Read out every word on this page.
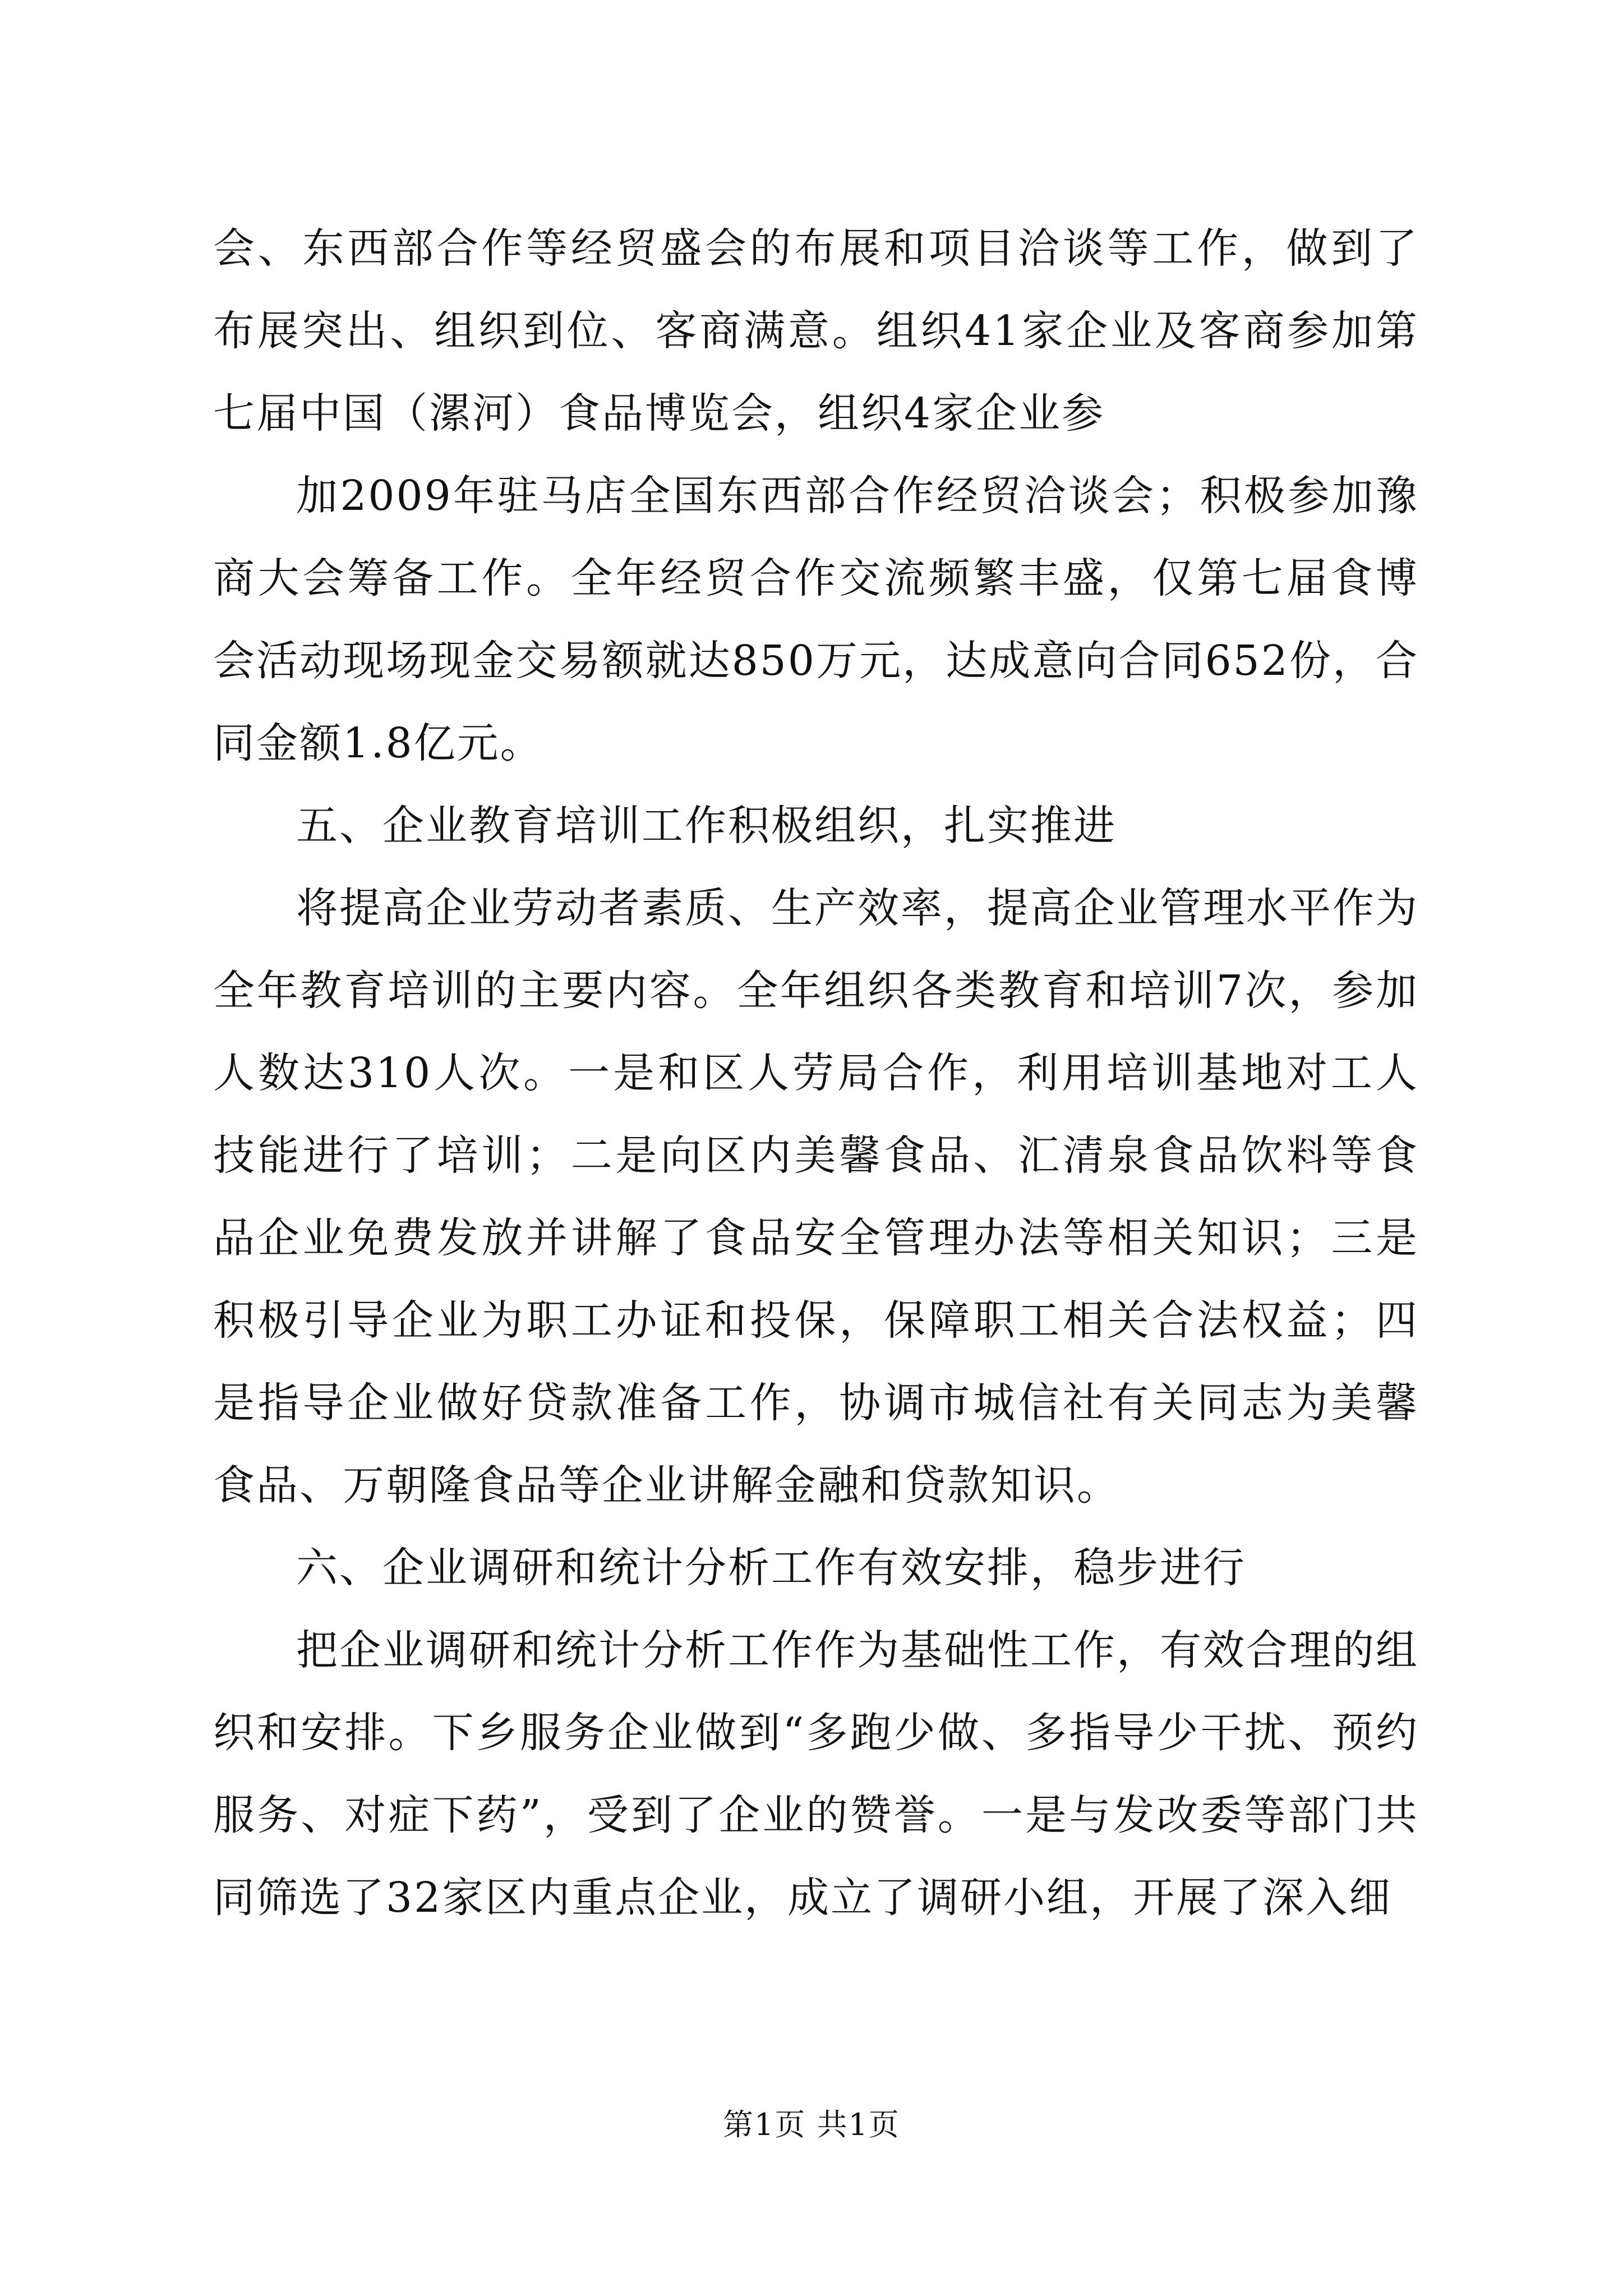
会、东西部合作等经贸盛会的布展和项目洽谈等工作，做到了布展突出、组织到位、客商满意。组织41家企业及客商参加第七届中国（漯河）食品博览会，组织4家企业参

加2009年驻马店全国东西部合作经贸洽谈会；积极参加豫商大会筹备工作。全年经贸合作交流频繁丰盛，仅第七届食博会活动现场现金交易额就达850万元，达成意向合同652份，合同金额1.8亿元。

五、企业教育培训工作积极组织，扎实推进

将提高企业劳动者素质、生产效率，提高企业管理水平作为全年教育培训的主要内容。全年组织各类教育和培训7次，参加人数达310人次。一是和区人劳局合作，利用培训基地对工人技能进行了培训；二是向区内美馨食品、汇清泉食品饮料等食品企业免费发放并讲解了食品安全管理办法等相关知识；三是积极引导企业为职工办证和投保，保障职工相关合法权益；四是指导企业做好贷款准备工作，协调市城信社有关同志为美馨食品、万朝隆食品等企业讲解金融和贷款知识。

六、企业调研和统计分析工作有效安排，稳步进行

把企业调研和统计分析工作作为基础性工作，有效合理的组织和安排。下乡服务企业做到“多跑少做、多指导少干扰、预约服务、对症下药”，受到了企业的赞誉。一是与发改委等部门共同筛选了32家区内重点企业，成立了调研小组，开展了深入细

第1页 共1页
